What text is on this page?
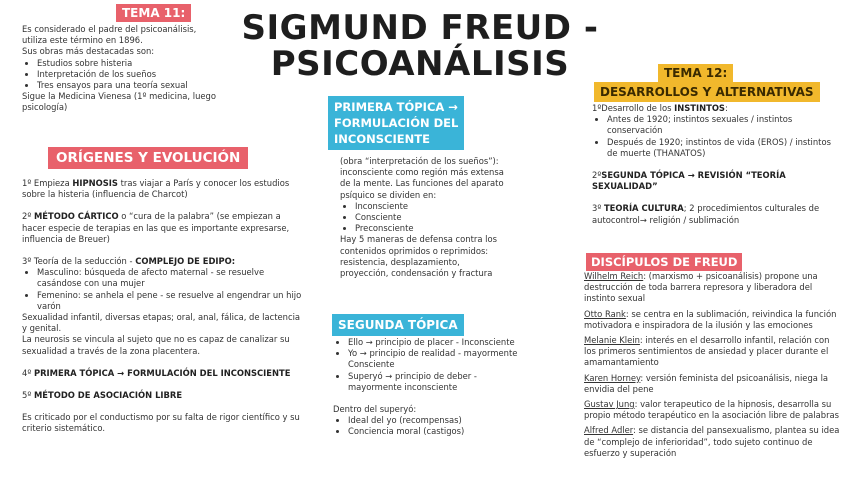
SIGMUND FREUD -
PSICOANÁLISIS
TEMA 11:

Es considerado el padre del psicoanálisis,

utiliza este término en 1896.

Sus obras más destacadas son:

• Estudios sobre histeria
• Interpretación de los sueños
• Tres ensayos para una teoría sexual

Sigue la Medicina Vienesa (1º medicina, luego psicología)

ORÍGENES Y EVOLUCIÓN

1º Empieza HIPNOSIS tras viajar a París y conocer los estudios sobre la histeria (influencia de Charcot)

2º MÉTODO CÁRTICO o “cura de la palabra” (se empiezan a hacer especie de terapias en las que es importante expresarse, influencia de Breuer)

3º Teoría de la seducción - COMPLEJO DE EDIPO:

• Masculino: búsqueda de afecto maternal - se resuelve casándose con una mujer
• Femenino: se anhela el pene - se resuelve al engendrar un hijo varón

Sexualidad infantil, diversas etapas; oral, anal, fálica, de lactencia y genital.

La neurosis se vincula al sujeto que no es capaz de canalizar su sexualidad a través de la zona placentera.

4º PRIMERA TÓPICA → FORMULACIÓN DEL INCONSCIENTE

5º MÉTODO DE ASOCIACIÓN LIBRE

Es criticado por el conductismo por su falta de rigor científico y su criterio sistemático.

PRIMERA TÓPICA →
FORMULACIÓN DEL
INCONSCIENTE

(obra “interpretación de los sueños”): inconsciente como región más extensa de la mente. Las funciones del aparato psíquico se dividen en:

• Inconsciente
• Consciente
• Preconsciente

Hay 5 maneras de defensa contra los contenidos oprimidos o reprimidos: resistencia, desplazamiento, proyección, condensación y fractura

SEGUNDA TÓPICA
• Ello → principio de placer - Inconsciente
• Yo → principio de realidad - mayormente Consciente
• Superyó → principio de deber - mayormente inconsciente

Dentro del superyó:

• Ideal del yo (recompensas)
• Conciencia moral (castigos)
TEMA 12:
DESARROLLOS Y ALTERNATIVAS

1ºDesarrollo de los INSTINTOS:

• Antes de 1920; instintos sexuales / instintos conservación
• Después de 1920; instintos de vida (EROS) / instintos de muerte (THANATOS)

2ºSEGUNDA TÓPICA → REVISIÓN “TEORÍA SEXUALIDAD”

3º TEORÍA CULTURA; 2 procedimientos culturales de autocontrol→ religión / sublimación

DISCÍPULOS DE FREUD

Wilhelm Reich: (marxismo + psicoanálisis) propone una destrucción de toda barrera represora y liberadora del instinto sexual

Otto Rank: se centra en la sublimación, reivindica la función motivadora e inspiradora de la ilusión y las emociones

Melanie Klein: interés en el desarrollo infantil, relación con los primeros sentimientos de ansiedad y placer durante el amamantamiento

Karen Horney: versión feminista del psicoanálisis, niega la envidia del pene

Gustav Jung: valor terapeutico de la hipnosis, desarrolla su propio método terapéutico en la asociación libre de palabras

Alfred Adler: se distancia del pansexualismo, plantea su idea de “complejo de inferioridad”, todo sujeto continuo de esfuerzo y superación
